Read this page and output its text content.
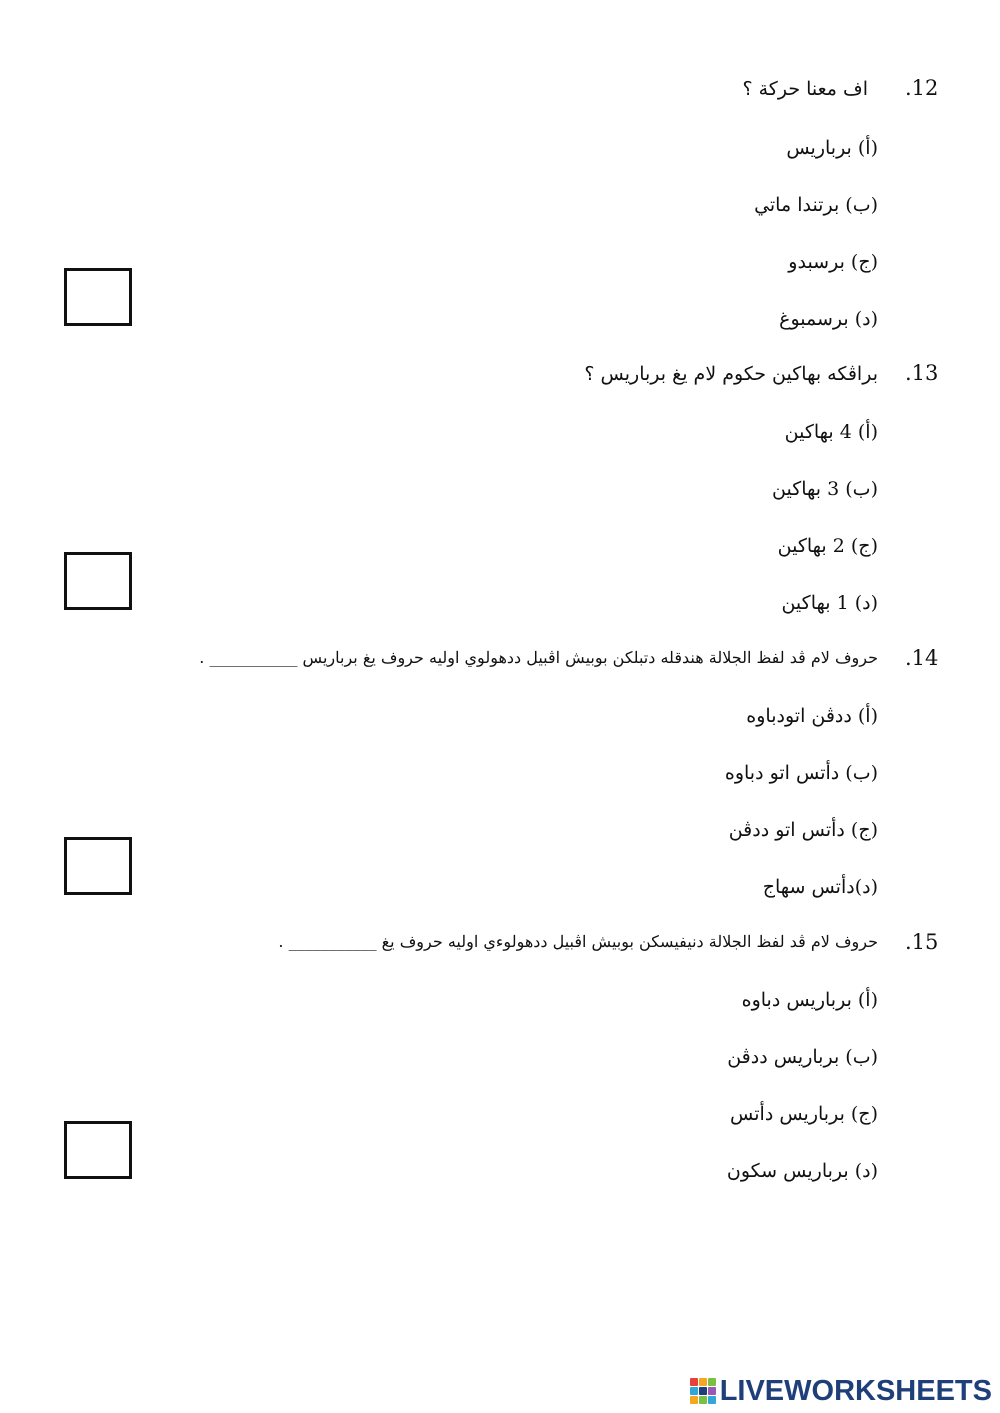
.12
اف معنا حركة ؟
(أ) برباريس
(ب) برتندا ماتي
(ج) برسبدو
(د) برسمبوغ
.13
براڤكه بهاكين حكوم لام يغ برباريس ؟
(أ) 4 بهاكين
(ب) 3 بهاكين
(ج) 2 بهاكين
(د) 1 بهاكين
.14
حروف لام ڤد لفظ الجلالة هندقله دتبلكن بوبيش اڤبيل ددهولوي اوليه حروف يغ برباريس ___________ .
(أ) ددڤن اتودباوه
(ب) دأتس اتو دباوه
(ج) دأتس اتو ددڤن
(د)دأتس سهاج
.15
حروف لام ڤد لفظ الجلالة دنيفيسكن بوبيش اڤبيل ددهولوءي اوليه حروف يغ ___________ .
(أ) برباريس دباوه
(ب) برباريس ددڤن
(ج) برباريس دأتس
(د) برباريس سكون
LIVEWORKSHEETS
